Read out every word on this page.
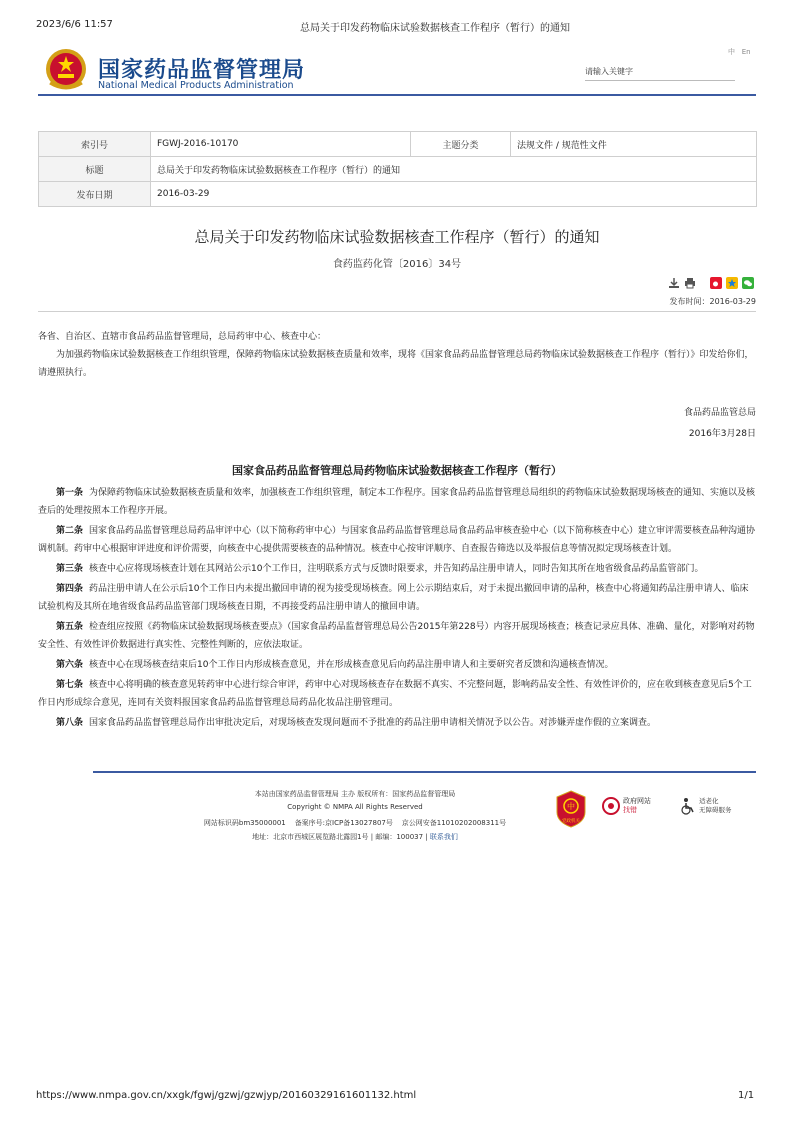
2023/6/6 11:57	总局关于印发药物临床试验数据核查工作程序（暂行）的通知
国家药品监督管理局
National Medical Products Administration
中 En
请输入关键字
索引号	FGWJ-2016-10170	主题分类	法规文件 / 规范性文件
标题	总局关于印发药物临床试验数据核查工作程序（暂行）的通知		
发布日期	2016-03-29		
总局关于印发药物临床试验数据核查工作程序（暂行）的通知
食药监药化管〔2016〕34号
发布时间：2016-03-29
各省、自治区、直辖市食品药品监督管理局，总局药审中心、核查中心：
为加强药物临床试验数据核查工作组织管理，保障药物临床试验数据核查质量和效率，现将《国家食品药品监督管理总局药物临床试验数据核查工作程序（暂行）》印发给你们，请遵照执行。
食品药品监管总局
2016年3月28日
国家食品药品监督管理总局药物临床试验数据核查工作程序（暂行）

第一条 为保障药物临床试验数据核查质量和效率，加强核查工作组织管理，制定本工作程序。国家食品药品监督管理总局组织的药物临床试验数据现场核查的通知、实施以及核查后的处理按照本工作程序开展。

第二条 国家食品药品监督管理总局药品审评中心（以下简称药审中心）与国家食品药品监督管理总局食品药品审核查验中心（以下简称核查中心）建立审评需要核查品种沟通协调机制。药审中心根据审评进度和评价需要，向核查中心提供需要核查的品种情况。核查中心按审评顺序、自查报告筛选以及举报信息等情况拟定现场核查计划。

第三条 核查中心应将现场核查计划在其网站公示10个工作日，注明联系方式与反馈时限要求，并告知药品注册申请人，同时告知其所在地省级食品药品监管部门。

第四条 药品注册申请人在公示后10个工作日内未提出撤回申请的视为接受现场核查。网上公示期结束后，对于未提出撤回申请的品种，核查中心将通知药品注册申请人、临床试验机构及其所在地省级食品药品监管部门现场核查日期，不再接受药品注册申请人的撤回申请。

第五条 检查组应按照《药物临床试验数据现场核查要点》（国家食品药品监督管理总局公告2015年第228号）内容开展现场核查；核查记录应具体、准确、量化，对影响对药物安全性、有效性评价数据进行真实性、完整性判断的，应依法取证。

第六条 核查中心在现场核查结束后10个工作日内形成核查意见，并在形成核查意见后向药品注册申请人和主要研究者反馈和沟通核查情况。

第七条 核查中心将明确的核查意见转药审中心进行综合审评，药审中心对现场核查存在数据不真实、不完整问题，影响药品安全性、有效性评价的，应在收到核查意见后5个工作日内形成综合意见，连同有关资料报国家食品药品监督管理总局药品化妆品注册管理司。

第八条 国家食品药品监督管理总局作出审批决定后，对现场核查发现问题而不予批准的药品注册申请相关情况予以公告。对涉嫌弄虚作假的立案调查。

本站由国家药品监督管理局 主办 版权所有：国家药品监督管理局
Copyright © NMPA All Rights Reserved
网站标识码bm35000001 备案序号:京ICP备13027807号 京公网安备11010202008311号
地址：北京市西城区展览路北露园1号 | 邮编：100037 | 联系我们
中
党政机关
政府网站
找错
适老化
无障碍服务
https://www.nmpa.gov.cn/xxgk/fgwj/gzwj/gzwjyp/20160329161601132.html	1/1
